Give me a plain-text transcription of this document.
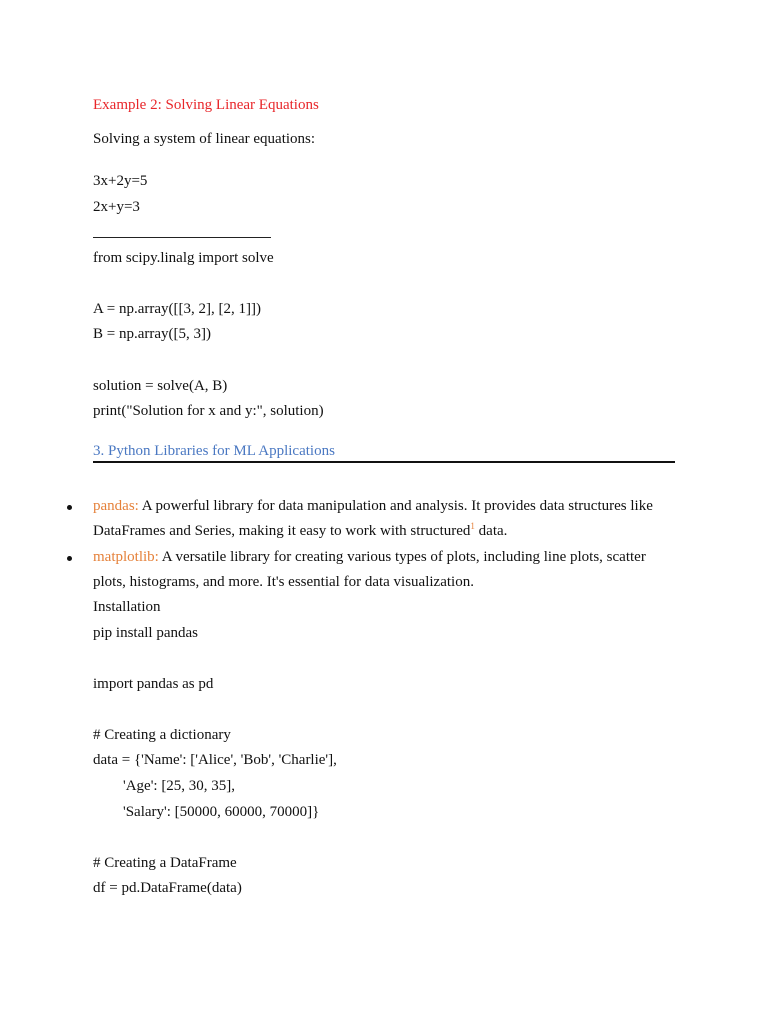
Example 2: Solving Linear Equations
Solving a system of linear equations:
3x+2y=5
2x+y=3
from scipy.linalg import solve
A = np.array([[3, 2], [2, 1]])
B = np.array([5, 3])
solution = solve(A, B)
print("Solution for x and y:", solution)
3. Python Libraries for ML Applications
pandas: A powerful library for data manipulation and analysis. It provides data structures like
DataFrames and Series, making it easy to work with structured$^1$ data.
matplotlib: A versatile library for creating various types of plots, including line plots, scatter
plots, histograms, and more. It's essential for data visualization.
Installation
pip install pandas
import pandas as pd
# Creating a dictionary
data = {'Name': ['Alice', 'Bob', 'Charlie'],
'Age': [25, 30, 35],
'Salary': [50000, 60000, 70000]}
# Creating a DataFrame
df = pd.DataFrame(data)
